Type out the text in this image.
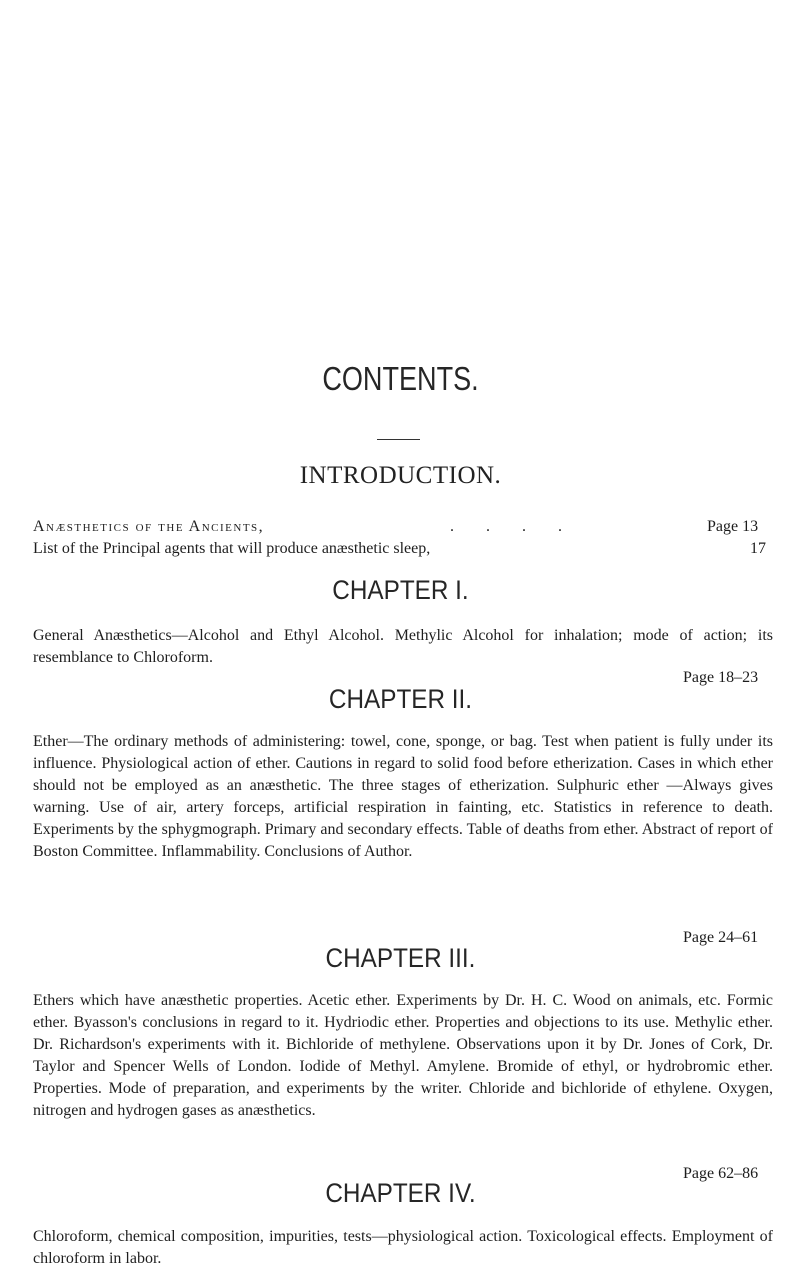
CONTENTS.
INTRODUCTION.
Anæsthetics of the Ancients,	. . . .	Page 13
List of the Principal agents that will produce anæsthetic sleep,	17
CHAPTER I.
General Anæsthetics—Alcohol and Ethyl Alcohol. Methylic Alcohol for inhalation; mode of action; its resemblance to Chloroform.
Page 18–23
CHAPTER II.
Ether—The ordinary methods of administering: towel, cone, sponge, or bag. Test when patient is fully under its influence. Physiological action of ether. Cautions in regard to solid food before etherization. Cases in which ether should not be employed as an anæsthetic. The three stages of etherization. Sulphuric ether —Always gives warning. Use of air, artery forceps, artificial respiration in fainting, etc. Statistics in reference to death. Experiments by the sphygmograph. Primary and secondary effects. Table of deaths from ether. Abstract of report of Boston Committee. Inflammability. Conclusions of Author.
Page 24–61
CHAPTER III.
Ethers which have anæsthetic properties. Acetic ether. Experiments by Dr. H. C. Wood on animals, etc. Formic ether. Byasson's conclusions in regard to it. Hydriodic ether. Properties and objections to its use. Methylic ether. Dr. Richardson's experiments with it. Bichloride of methylene. Observations upon it by Dr. Jones of Cork, Dr. Taylor and Spencer Wells of London. Iodide of Methyl. Amylene. Bromide of ethyl, or hydrobromic ether. Properties. Mode of preparation, and experiments by the writer. Chloride and bichloride of ethylene. Oxygen, nitrogen and hydrogen gases as anæsthetics.
Page 62–86
CHAPTER IV.
Chloroform, chemical composition, impurities, tests—physiological action. Toxicological effects. Employment of chloroform in labor.
